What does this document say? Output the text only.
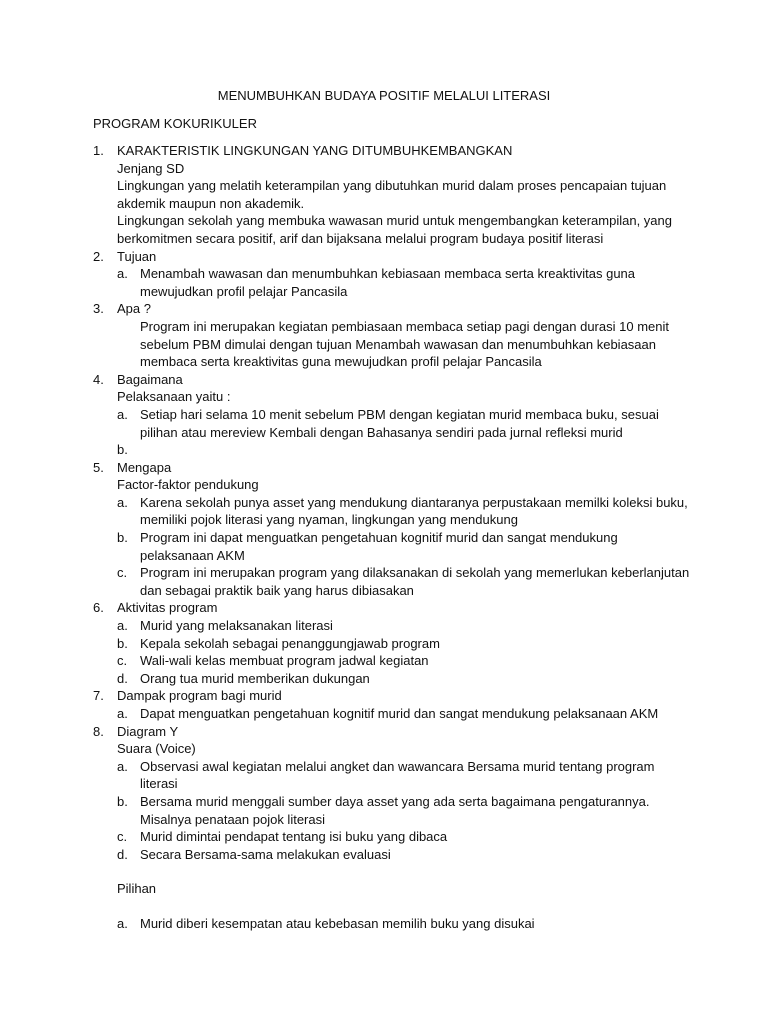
MENUMBUHKAN BUDAYA POSITIF MELALUI LITERASI
PROGRAM KOKURIKULER
1. KARAKTERISTIK LINGKUNGAN YANG DITUMBUHKEMBANGKAN
Jenjang SD
Lingkungan yang melatih keterampilan yang dibutuhkan murid dalam proses pencapaian tujuan akdemik maupun non akademik.
Lingkungan sekolah yang membuka wawasan murid untuk mengembangkan keterampilan, yang berkomitmen secara positif, arif dan bijaksana melalui program budaya positif literasi
2. Tujuan
a. Menambah wawasan dan menumbuhkan kebiasaan membaca serta kreaktivitas guna mewujudkan profil pelajar Pancasila
3. Apa ?
Program ini merupakan kegiatan pembiasaan membaca setiap pagi dengan durasi 10 menit sebelum PBM dimulai dengan tujuan Menambah wawasan dan menumbuhkan kebiasaan membaca serta kreaktivitas guna mewujudkan profil pelajar Pancasila
4. Bagaimana
Pelaksanaan yaitu :
a. Setiap hari selama 10 menit sebelum PBM dengan kegiatan murid membaca buku, sesuai pilihan atau mereview Kembali dengan Bahasanya sendiri pada jurnal refleksi murid
b.

5. Mengapa
Factor-faktor pendukung
a. Karena sekolah punya asset yang mendukung diantaranya perpustakaan memilki koleksi buku, memiliki pojok literasi yang nyaman, lingkungan yang mendukung
b. Program ini dapat menguatkan pengetahuan kognitif murid dan sangat mendukung pelaksanaan AKM
c. Program ini merupakan program yang dilaksanakan di sekolah yang memerlukan keberlanjutan dan sebagai praktik baik yang harus dibiasakan
6. Aktivitas program
a. Murid yang melaksanakan literasi
b. Kepala sekolah sebagai penanggungjawab program
c. Wali-wali kelas membuat program jadwal kegiatan
d. Orang tua murid memberikan dukungan
7. Dampak program bagi murid
a. Dapat menguatkan pengetahuan kognitif murid dan sangat mendukung pelaksanaan AKM
8. Diagram Y
Suara (Voice)
a. Observasi awal kegiatan melalui angket dan wawancara Bersama murid tentang program literasi
b. Bersama murid menggali sumber daya asset yang ada serta bagaimana pengaturannya. Misalnya penataan pojok literasi
c. Murid dimintai pendapat tentang isi buku yang dibaca
d. Secara Bersama-sama melakukan evaluasi
Pilihan
a. Murid diberi kesempatan atau kebebasan memilih buku yang disukai
